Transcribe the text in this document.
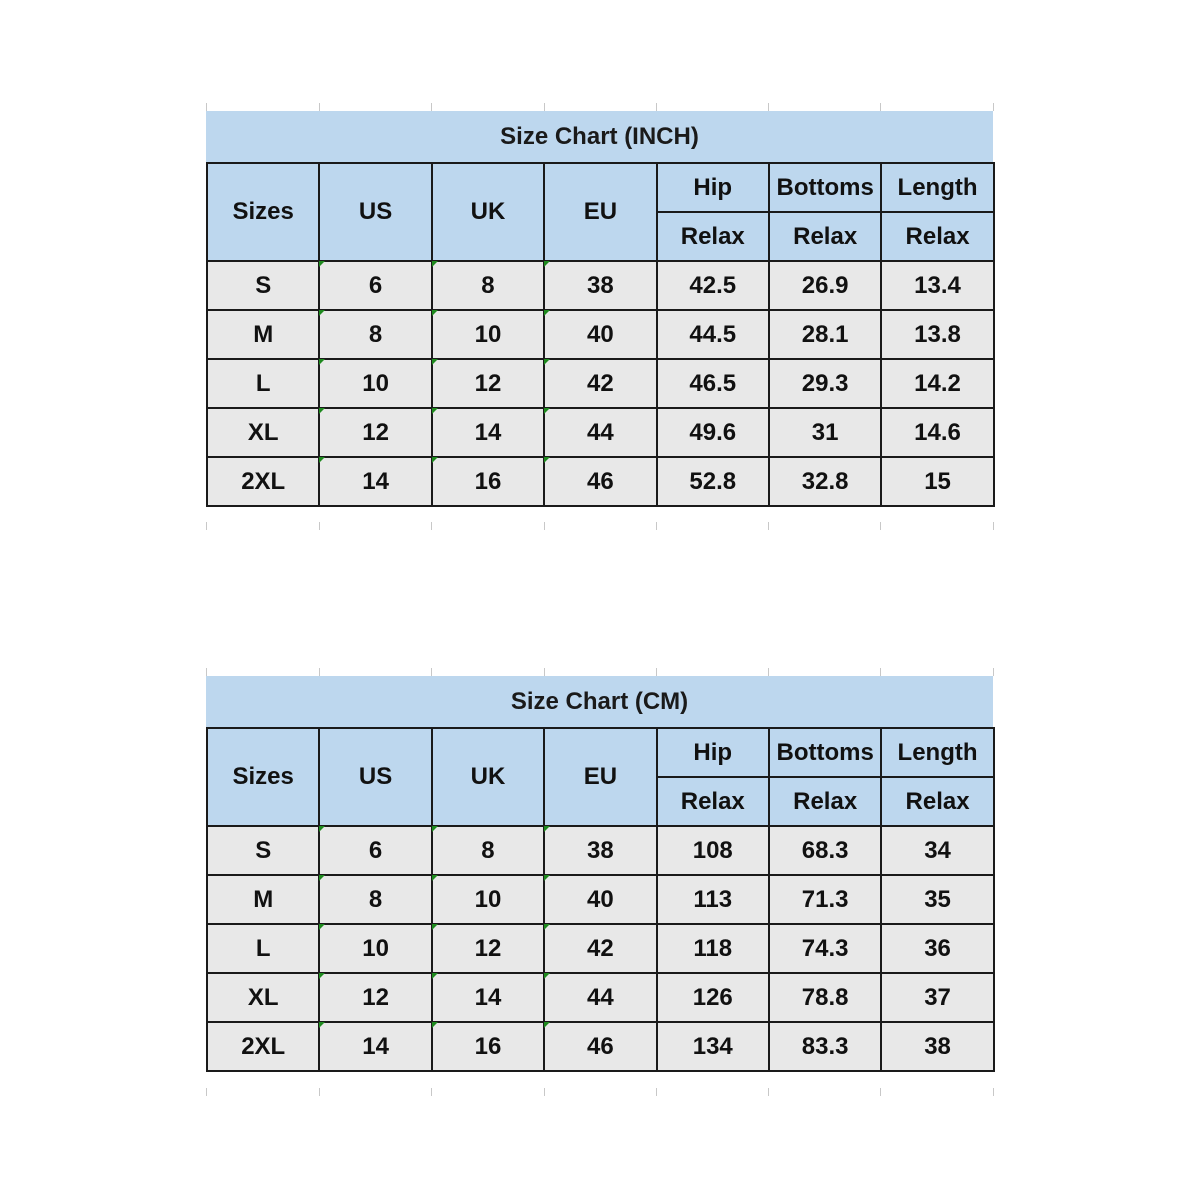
Size Chart (INCH)
Sizes	US	UK	EU	Hip	Bottoms	Length
				Relax	Relax	Relax
S	6	8	38	42.5	26.9	13.4
M	8	10	40	44.5	28.1	13.8
L	10	12	42	46.5	29.3	14.2
XL	12	14	44	49.6	31	14.6
2XL	14	16	46	52.8	32.8	15
Size Chart (CM)
Sizes	US	UK	EU	Hip	Bottoms	Length
				Relax	Relax	Relax
S	6	8	38	108	68.3	34
M	8	10	40	113	71.3	35
L	10	12	42	118	74.3	36
XL	12	14	44	126	78.8	37
2XL	14	16	46	134	83.3	38
